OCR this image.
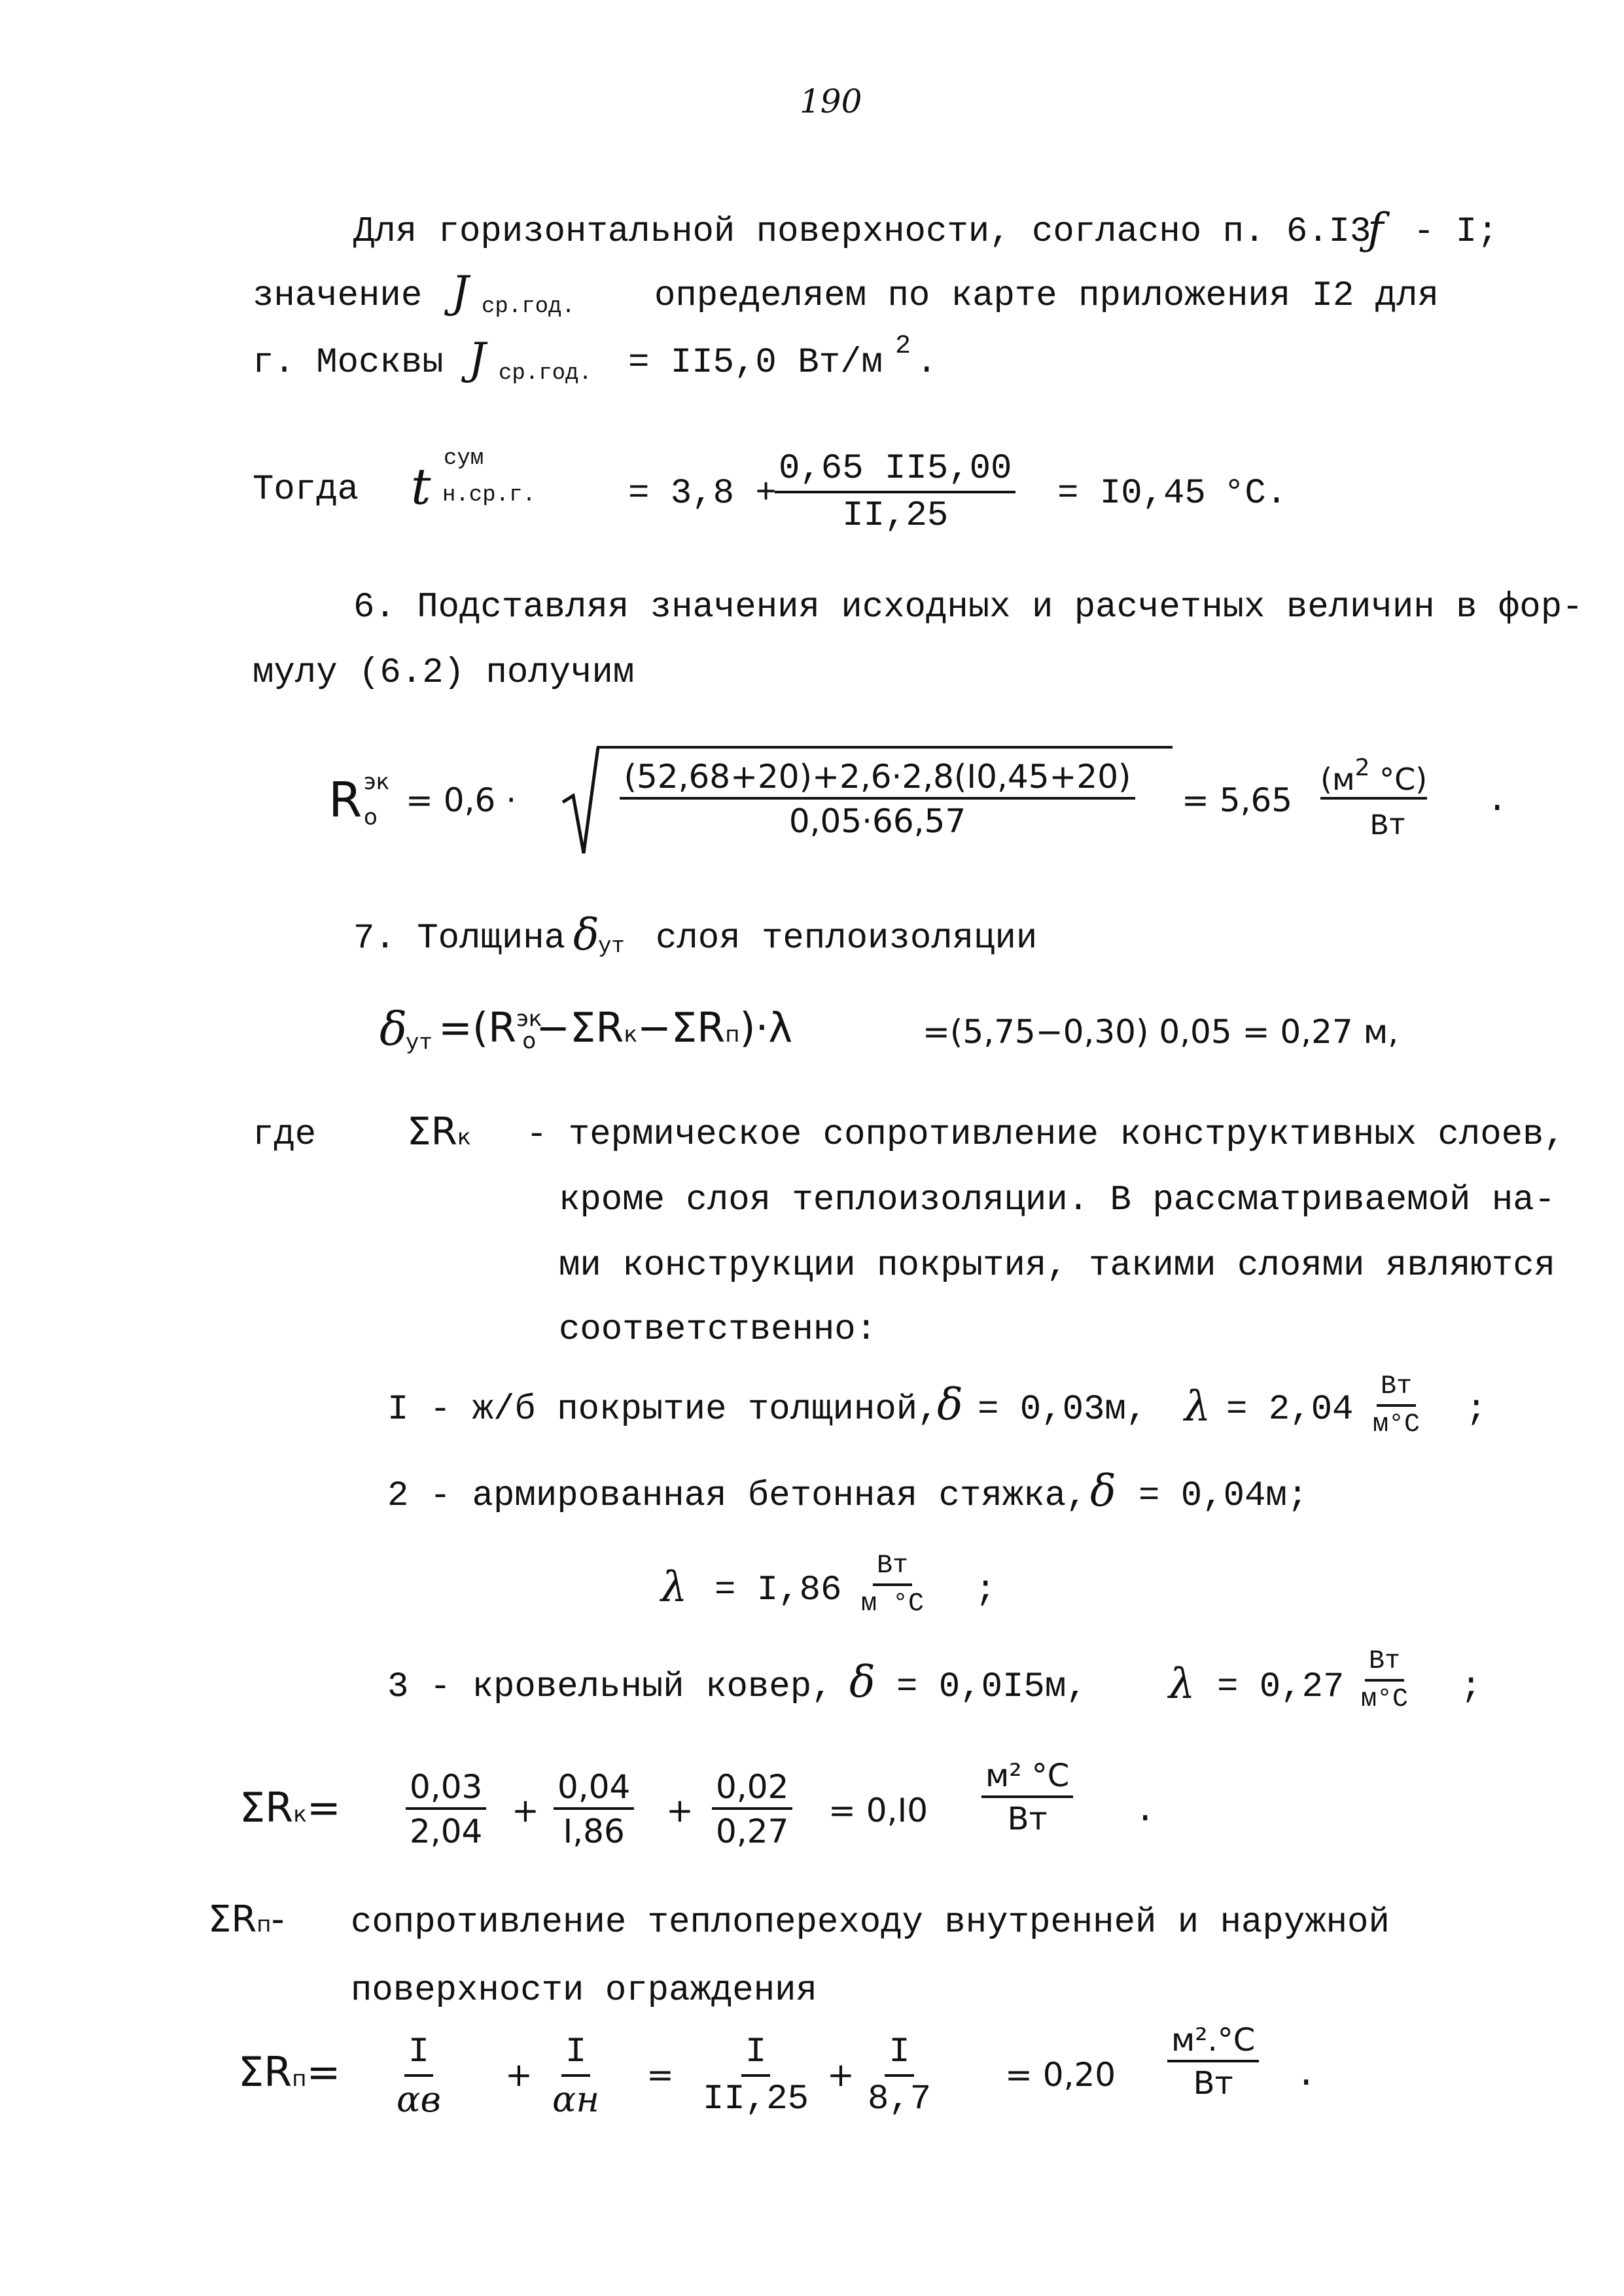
190
Для горизонтальной поверхности, согласно п. 6.I3
ƒ - I;
значение J ср.год. определяем по карте приложения I2 для
г. Москвы J ср.год. = II5,0 Вт/м 2 .
Тогда t сум
н.ср.г.	= 3,8 +
$\frac{0,65 II5,00}{II,25} = I0,45$ °C.
6. Подставляя значения исходных и расчетных величин в фор-
мулу (6.2) получим
R эк
$о = 0,6 \cdot \frac{(52,68+20)+2,6\cdot 2,8(I0,45+20)}{0,05\cdot 66,57} = 5,65$
($м^2$ °C)
Вт
.
7. Толщина δ
ут слоя теплоизоляции
δ
ут $=(R^{эк}о-\Sigma Rк-\Sigma Rп)\cdot\lambda$	=(5,75−0,30) 0,05 = 0,27 м,
где ΣRк - термическое сопротивление конструктивных слоев,
кроме слоя теплоизоляции. В рассматриваемой на-
ми конструкции покрытия, такими слоями являются
соответственно:
I - ж/б покрытие толщиной,
δ = 0,03м, λ = 2,04
Вт
м°C ;
2 - армированная бетонная стяжка, δ = 0,04м;
λ = I,86
Вт
м °C ;
3 - кровельный ковер, δ = 0,0I5м, λ = 0,27
Вт
м°C ;
$\Sigma Rк= \frac{0,03}{2,04} + \frac{0,04}{I,86} + \frac{0,02}{0,27} = 0,I0$
м² °C
Вт .
ΣRп- сопротивление теплопереходу внутренней и наружной
поверхности ограждения
ΣRп= I
αв
+
I
αн
= $\frac{I}{II,25} + \frac{I}{8,7} = 0,20$
м².°C
Вт .
